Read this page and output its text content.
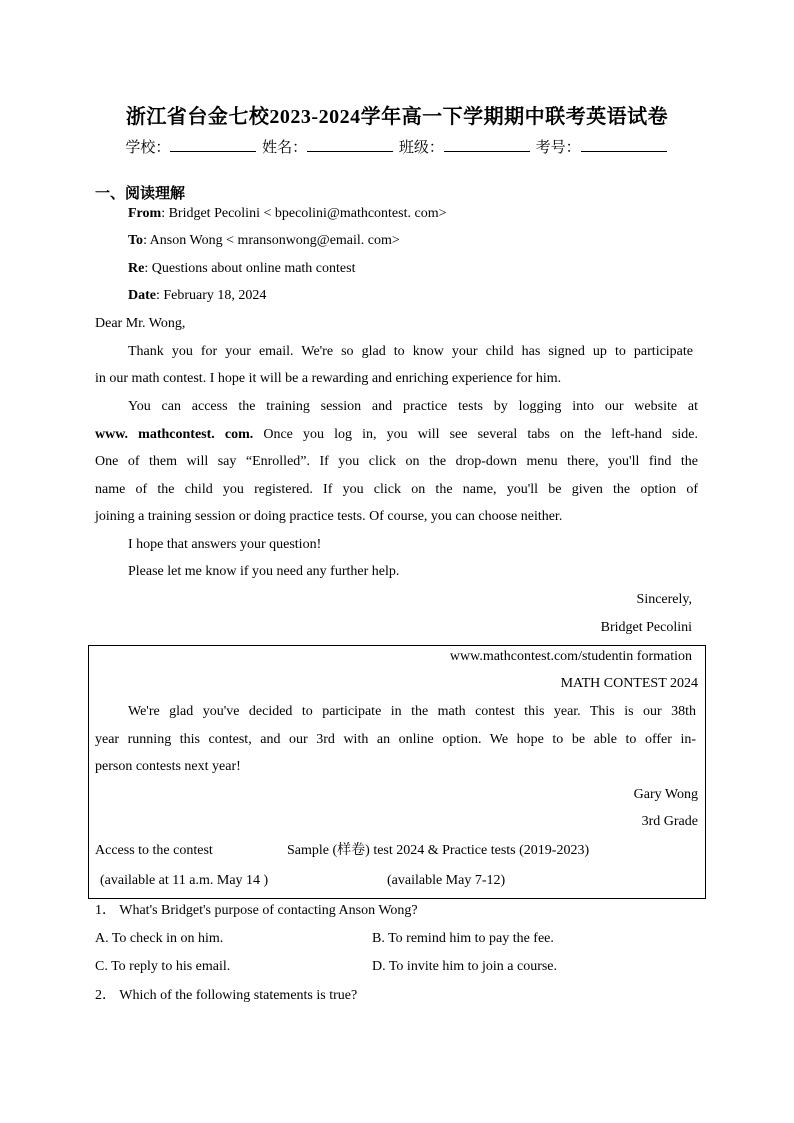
浙江省台金七校2023-2024学年高一下学期期中联考英语试卷
学校：	姓名：	班级：	考号：
一、阅读理解
From: Bridget Pecolini < bpecolini@mathcontest. com>
To: Anson Wong < mransonwong@email. com>
Re: Questions about online math contest
Date: February 18, 2024
Dear Mr. Wong,
Thank you for your email. We're so glad to know your child has signed up to participate
in our math contest. I hope it will be a rewarding and enriching experience for him.
You can access the training session and practice tests by logging into our website at
www. mathcontest. com. Once you log in, you will see several tabs on the left-hand side.
One of them will say “Enrolled”. If you click on the drop-down menu there, you'll find the
name of the child you registered. If you click on the name, you'll be given the option of
joining a training session or doing practice tests. Of course, you can choose neither.
I hope that answers your question!
Please let me know if you need any further help.
Sincerely,
Bridget Pecolini
www.mathcontest.com/studentin formation
MATH CONTEST 2024
We're glad you've decided to participate in the math contest this year. This is our 38th
year running this contest, and our 3rd with an online option. We hope to be able to offer in-
person contests next year!
Gary Wong
3rd Grade
Access to the contest	Sample (样卷) test 2024 & Practice tests (2019-2023)
(available at 11 a.m. May 14 )	(available May 7-12)
1． What's Bridget's purpose of contacting Anson Wong?
A. To check in on him.	B. To remind him to pay the fee.
C. To reply to his email.	D. To invite him to join a course.
2． Which of the following statements is true?
